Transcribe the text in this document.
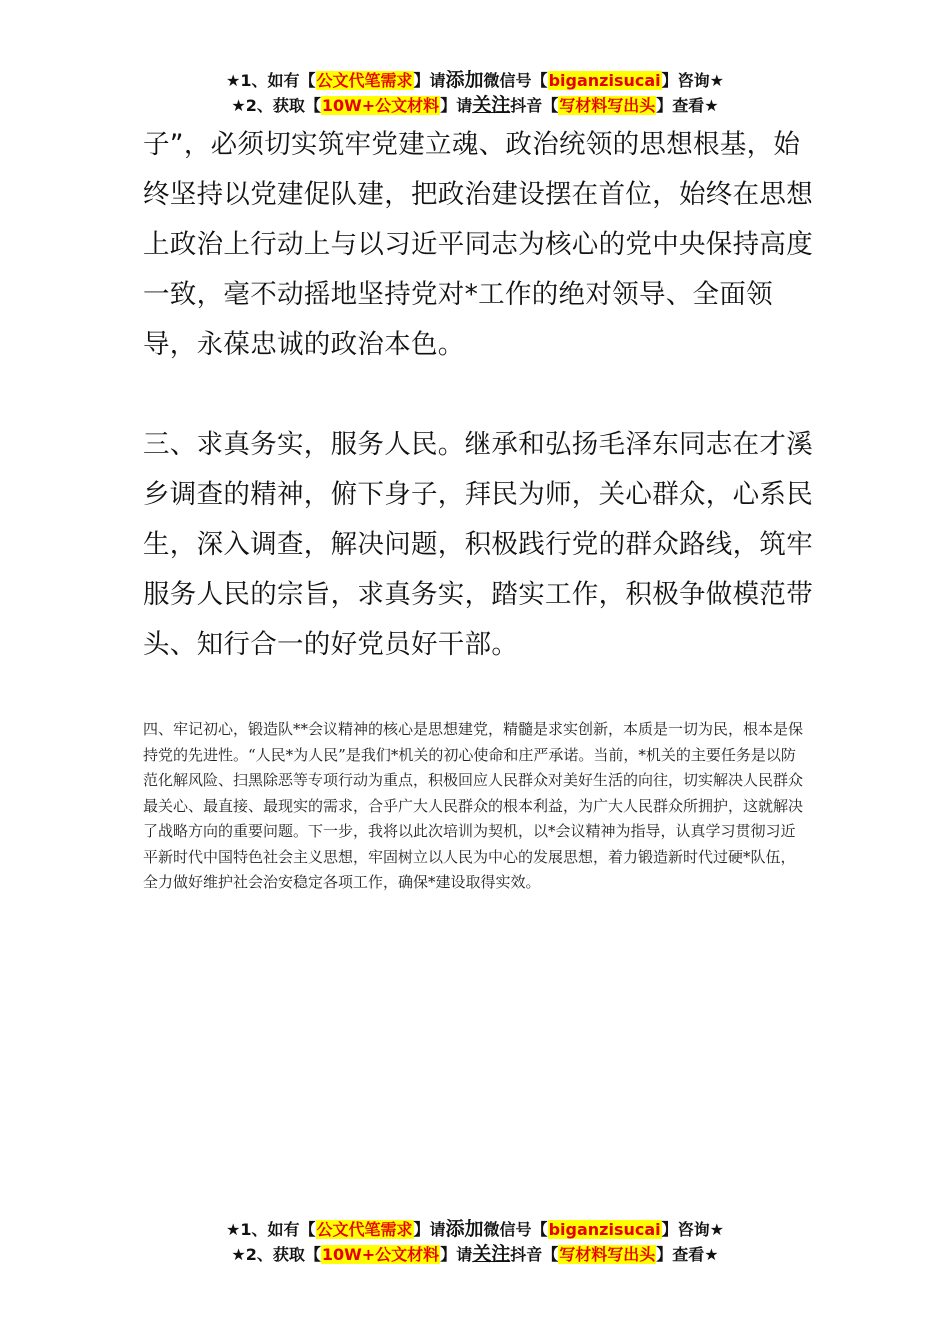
★1、如有【公文代笔需求】请添加微信号【biganzisucai】咨询★
★2、获取【10W+公文材料】请关注抖音【写材料写出头】查看★

子”，必须切实筑牢党建立魂、政治统领的思想根基，始终坚持以党建促队建，把政治建设摆在首位，始终在思想上政治上行动上与以习近平同志为核心的党中央保持高度一致，毫不动摇地坚持党对*工作的绝对领导、全面领导，永葆忠诚的政治本色。

三、求真务实，服务人民。继承和弘扬毛泽东同志在才溪乡调查的精神，俯下身子，拜民为师，关心群众，心系民生，深入调查，解决问题，积极践行党的群众路线，筑牢服务人民的宗旨，求真务实，踏实工作，积极争做模范带头、知行合一的好党员好干部。

四、牢记初心，锻造队**会议精神的核心是思想建党，精髓是求实创新，本质是一切为民，根本是保持党的先进性。“人民*为人民”是我们*机关的初心使命和庄严承诺。当前，*机关的主要任务是以防范化解风险、扫黑除恶等专项行动为重点，积极回应人民群众对美好生活的向往，切实解决人民群众最关心、最直接、最现实的需求，合乎广大人民群众的根本利益，为广大人民群众所拥护，这就解决了战略方向的重要问题。下一步，我将以此次培训为契机，以*会议精神为指导，认真学习贯彻习近平新时代中国特色社会主义思想，牢固树立以人民为中心的发展思想，着力锻造新时代过硬*队伍，全力做好维护社会治安稳定各项工作，确保*建设取得实效。

★1、如有【公文代笔需求】请添加微信号【biganzisucai】咨询★
★2、获取【10W+公文材料】请关注抖音【写材料写出头】查看★
